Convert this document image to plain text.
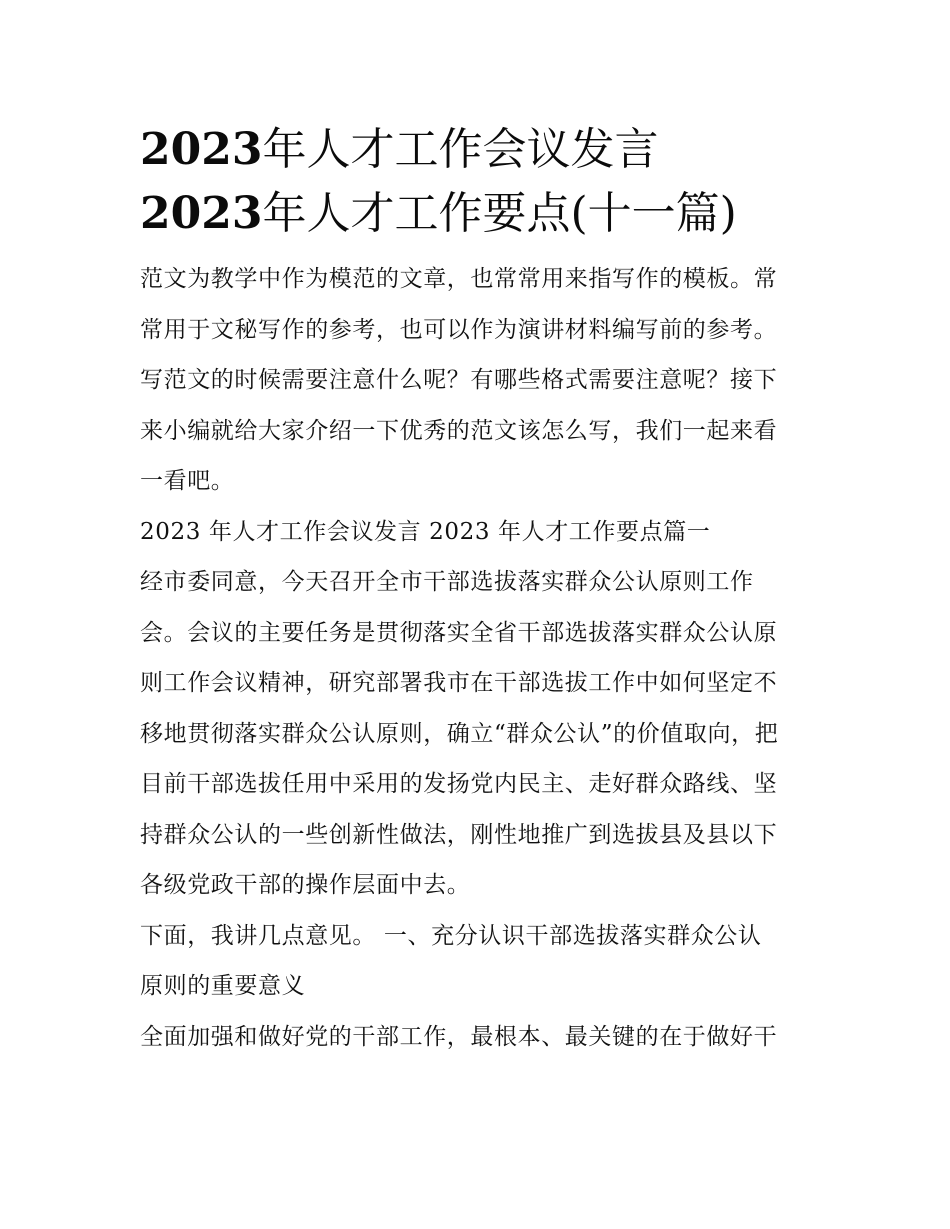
2023年人才工作会议发言
2023年人才工作要点(十一篇)

范文为教学中作为模范的文章，也常常用来指写作的模板。常
常用于文秘写作的参考，也可以作为演讲材料编写前的参考。
写范文的时候需要注意什么呢？有哪些格式需要注意呢？接下
来小编就给大家介绍一下优秀的范文该怎么写，我们一起来看
一看吧。

2023 年人才工作会议发言 2023 年人才工作要点篇一

经市委同意，今天召开全市干部选拔落实群众公认原则工作
会。会议的主要任务是贯彻落实全省干部选拔落实群众公认原
则工作会议精神，研究部署我市在干部选拔工作中如何坚定不
移地贯彻落实群众公认原则，确立“群众公认”的价值取向，把
目前干部选拔任用中采用的发扬党内民主、走好群众路线、坚
持群众公认的一些创新性做法，刚性地推广到选拔县及县以下
各级党政干部的操作层面中去。

下面，我讲几点意见。 一、充分认识干部选拔落实群众公认
原则的重要意义

全面加强和做好党的干部工作，最根本、最关键的在于做好干
